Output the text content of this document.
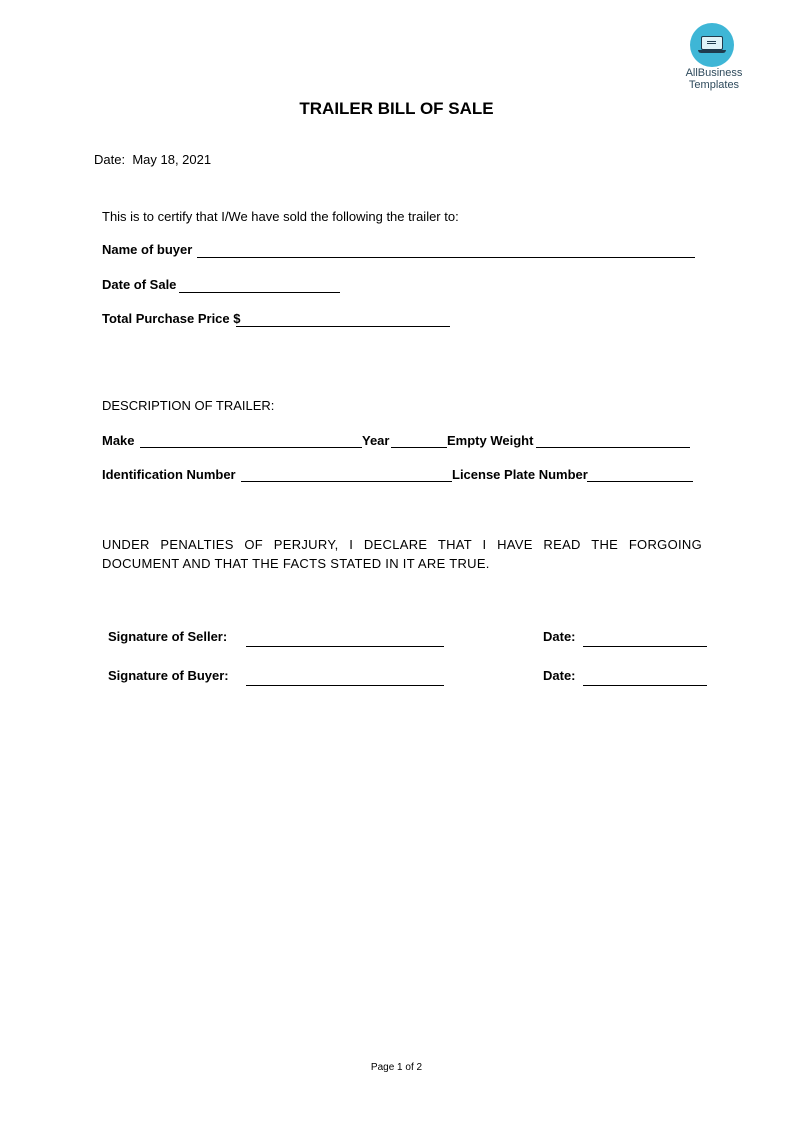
AllBusiness
Templates
TRAILER BILL OF SALE
Date: May 18, 2021
This is to certify that I/We have sold the following the trailer to:
Name of buyer
Date of Sale
Total Purchase Price $
DESCRIPTION OF TRAILER:
Make	Year	Empty Weight
Identification Number	License Plate Number
UNDER PENALTIES OF PERJURY, I DECLARE THAT I HAVE READ THE FORGOING DOCUMENT AND THAT THE FACTS STATED IN IT ARE TRUE.
Signature of Seller:	Date:
Signature of Buyer:	Date:
Page 1 of 2
